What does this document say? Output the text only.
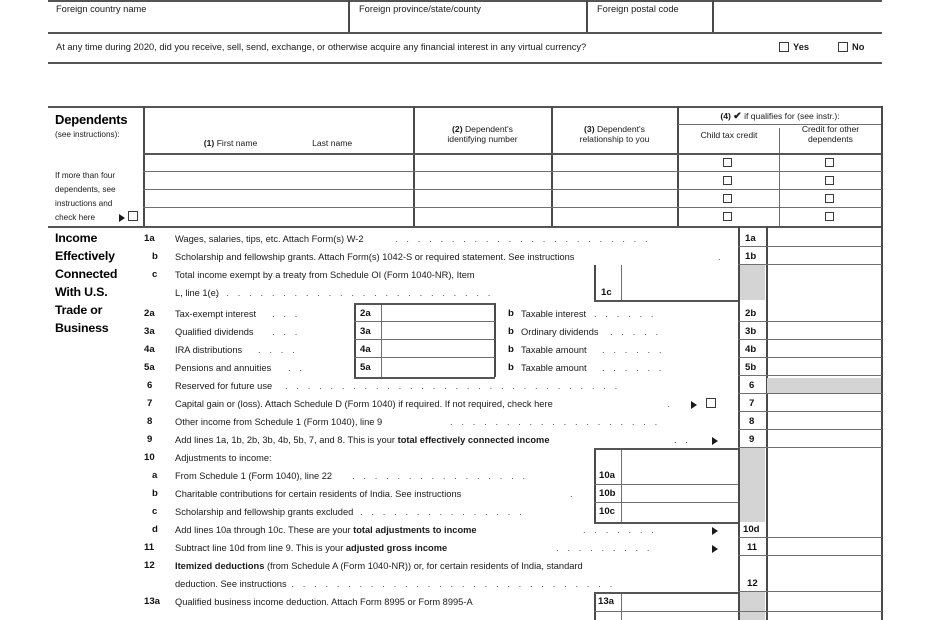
Foreign country name	Foreign province/state/county	Foreign postal code
At any time during 2020, did you receive, sell, send, exchange, or otherwise acquire any financial interest in any virtual currency?	Yes	No
Dependents
(see instructions):
If more than four
dependents, see
instructions and
check here
(1) First name	Last name
(2) Dependent's
identifying number
(3) Dependent's
relationship to you
(4) ✔ if qualifies for (see instr.):
Child tax credit
Credit for other
dependents
Income
Effectively
Connected
With U.S.
Trade or
Business
1a Wages, salaries, tips, etc. Attach Form(s) W-2	. . . . . . . . . . . . . . . . . . . . . . .	1a
b Scholarship and fellowship grants. Attach Form(s) 1042-S or required statement. See instructions	.	1b
c Total income exempt by a treaty from Schedule OI (Form 1040-NR), Item
L, line 1(e)
. . . . . . . . . . . . . . . . . . . . . . . . .	1c
2a Tax-exempt interest . . .	2a	b Taxable interest . . . . . .	2b
3a Qualified dividends . . .	3a	b Ordinary dividends . . . . .	3b
4a IRA distributions . . . .	4a	b Taxable amount . . . . . .	4b
5a Pensions and annuities . .	5a	b Taxable amount . . . . . .	5b
6 Reserved for future use . . . . . . . . . . . . . . . . . . . . . . . . . . . . . .	6
7 Capital gain or (loss). Attach Schedule D (Form 1040) if required. If not required, check here	.	7
8 Other income from Schedule 1 (Form 1040), line 9	. . . . . . . . . . . . . . . . . . .	8
9 Add lines 1a, 1b, 2b, 3b, 4b, 5b, 7, and 8. This is your total effectively connected income	. .	9
10 Adjustments to income:
a From Schedule 1 (Form 1040), line 22 . . . . . . . . . . . . . . . .	10a
b Charitable contributions for certain residents of India. See instructions	.	10b
c Scholarship and fellowship grants excluded . . . . . . . . . . . . . . .	10c
d Add lines 10a through 10c. These are your total adjustments to income	. . . . . . .	10d
11 Subtract line 10d from line 9. This is your adjusted gross income	. . . . . . . . .	11
12 Itemized deductions (from Schedule A (Form 1040-NR)) or, for certain residents of India, standard
deduction. See instructions
. . . . . . . . . . . . . . . . . . . . . . . . . . . . . .	12
13a Qualified business income deduction. Attach Form 8995 or Form 8995-A	13a
